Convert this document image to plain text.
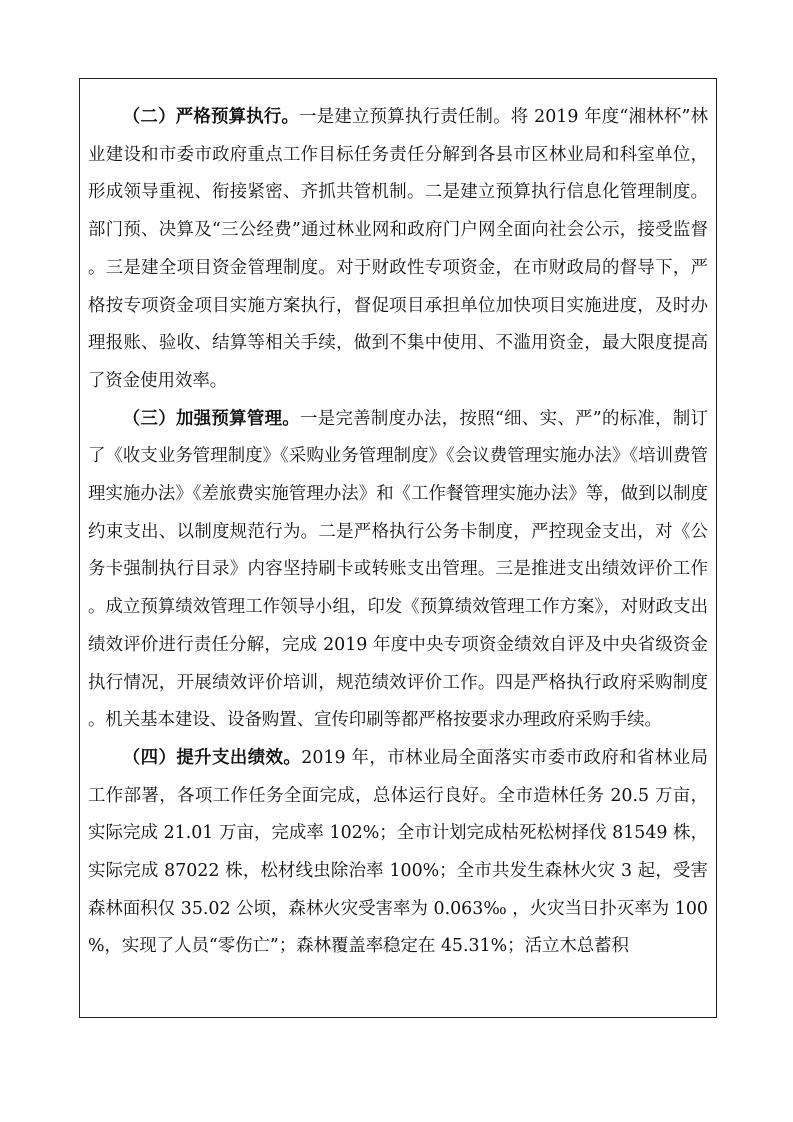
（二）严格预算执行。一是建立预算执行责任制。将 2019 年度“湘林杯”林业建设和市委市政府重点工作目标任务责任分解到各县市区林业局和科室单位，形成领导重视、衔接紧密、齐抓共管机制。二是建立预算执行信息化管理制度。部门预、决算及“三公经费”通过林业网和政府门户网全面向社会公示，接受监督。三是建全项目资金管理制度。对于财政性专项资金，在市财政局的督导下，严格按专项资金项目实施方案执行，督促项目承担单位加快项目实施进度，及时办理报账、验收、结算等相关手续，做到不集中使用、不滥用资金，最大限度提高了资金使用效率。

（三）加强预算管理。一是完善制度办法，按照“细、实、严”的标准，制订了《收支业务管理制度》《采购业务管理制度》《会议费管理实施办法》《培训费管理实施办法》《差旅费实施管理办法》和《工作餐管理实施办法》等，做到以制度约束支出、以制度规范行为。二是严格执行公务卡制度，严控现金支出，对《公务卡强制执行目录》内容坚持刷卡或转账支出管理。三是推进支出绩效评价工作。成立预算绩效管理工作领导小组，印发《预算绩效管理工作方案》，对财政支出绩效评价进行责任分解，完成 2019 年度中央专项资金绩效自评及中央省级资金执行情况，开展绩效评价培训，规范绩效评价工作。四是严格执行政府采购制度。机关基本建设、设备购置、宣传印刷等都严格按要求办理政府采购手续。

（四）提升支出绩效。2019 年，市林业局全面落实市委市政府和省林业局工作部署，各项工作任务全面完成，总体运行良好。全市造林任务 20.5 万亩，实际完成 21.01 万亩，完成率 102%；全市计划完成枯死松树择伐 81549 株，实际完成 87022 株，松材线虫除治率 100%；全市共发生森林火灾 3 起，受害森林面积仅 35.02 公顷，森林火灾受害率为 0.063‰ ，火灾当日扑灭率为 100%，实现了人员“零伤亡”；森林覆盖率稳定在 45.31%；活立木总蓄积
